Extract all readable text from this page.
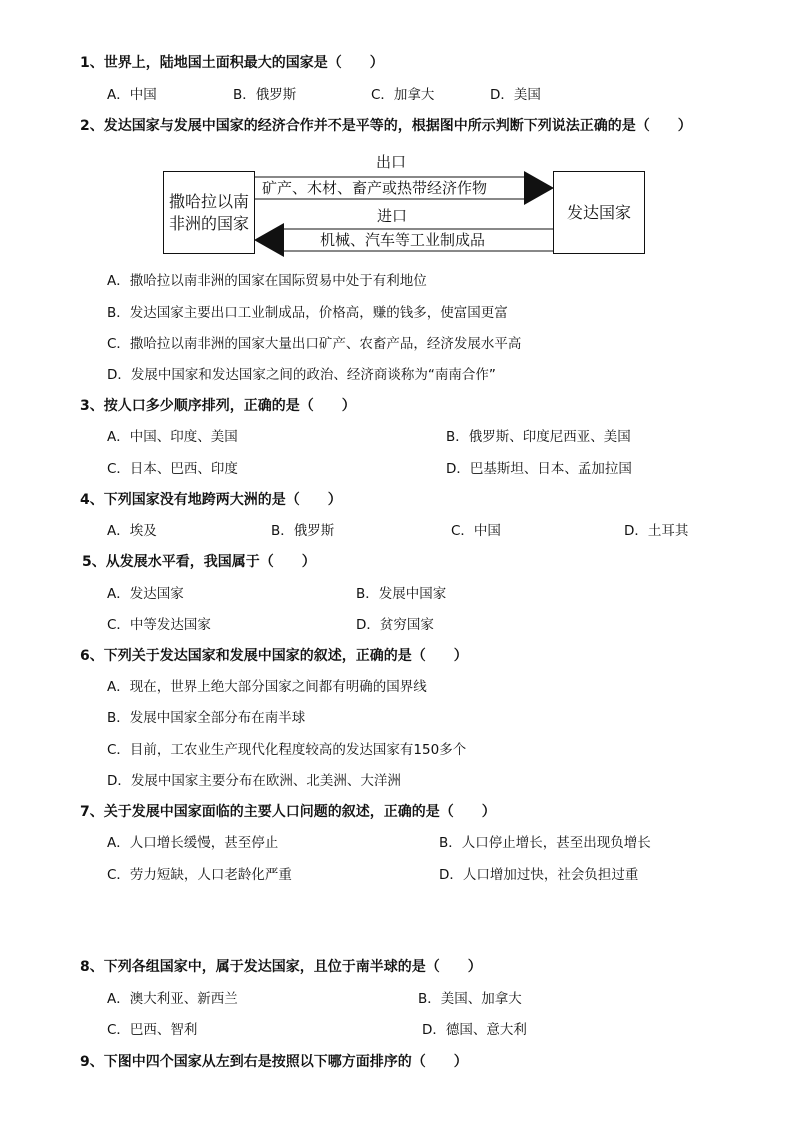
1、世界上，陆地国土面积最大的国家是（　　）
A．中国	B．俄罗斯	C．加拿大	D．美国
2、发达国家与发展中国家的经济合作并不是平等的，根据图中所示判断下列说法正确的是（　　）
撒哈拉以南
非洲的国家
发达国家
出口
矿产、木材、畜产或热带经济作物
进口
机械、汽车等工业制成品
A．撒哈拉以南非洲的国家在国际贸易中处于有利地位
B．发达国家主要出口工业制成品，价格高，赚的钱多，使富国更富
C．撒哈拉以南非洲的国家大量出口矿产、农畜产品，经济发展水平高
D．发展中国家和发达国家之间的政治、经济商谈称为“南南合作”
3、按人口多少顺序排列，正确的是（　　）
A．中国、印度、美国	B．俄罗斯、印度尼西亚、美国
C．日本、巴西、印度	D．巴基斯坦、日本、孟加拉国
4、下列国家没有地跨两大洲的是（　　）
A．埃及	B．俄罗斯	C．中国	D．土耳其
5、从发展水平看，我国属于（　　）
A．发达国家	B．发展中国家
C．中等发达国家	D．贫穷国家
6、下列关于发达国家和发展中国家的叙述，正确的是（　　）
A．现在，世界上绝大部分国家之间都有明确的国界线
B．发展中国家全部分布在南半球
C．目前，工农业生产现代化程度较高的发达国家有150多个
D．发展中国家主要分布在欧洲、北美洲、大洋洲
7、关于发展中国家面临的主要人口问题的叙述，正确的是（　　）
A．人口增长缓慢，甚至停止	B．人口停止增长，甚至出现负增长
C．劳力短缺，人口老龄化严重	D．人口增加过快，社会负担过重
8、下列各组国家中，属于发达国家，且位于南半球的是（　　）
A．澳大利亚、新西兰	B．美国、加拿大
C．巴西、智利	D．德国、意大利
9、下图中四个国家从左到右是按照以下哪方面排序的（　　）
